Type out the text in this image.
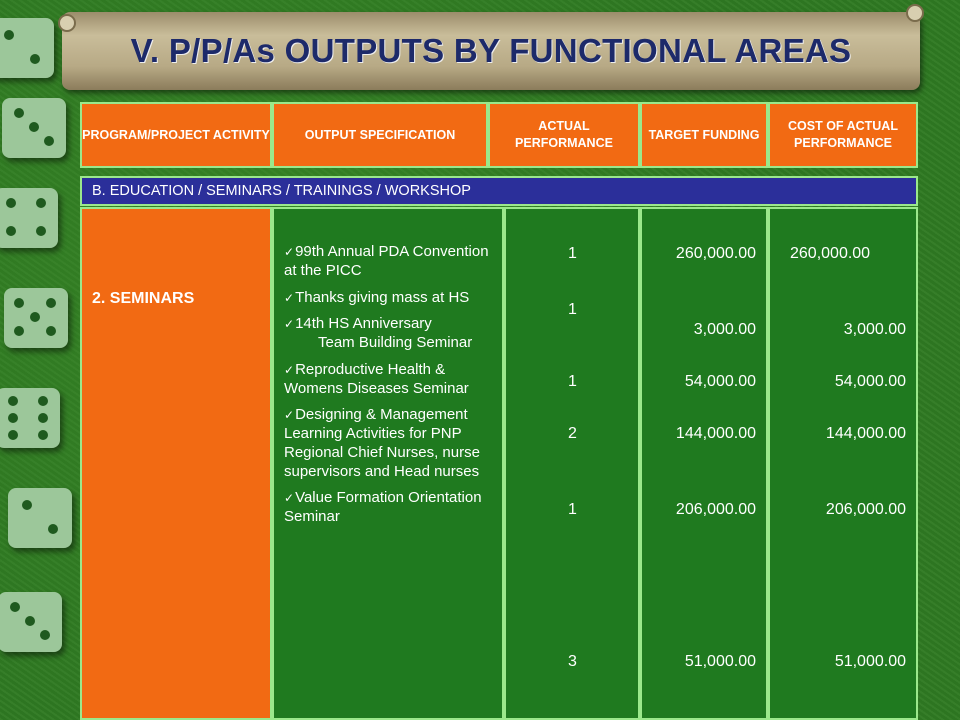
V. P/P/As OUTPUTS BY FUNCTIONAL AREAS
PROGRAM/PROJECT ACTIVITY	OUTPUT SPECIFICATION
ACTUAL PERFORMANCE
TARGET FUNDING
COST OF ACTUAL PERFORMANCE
B. EDUCATION / SEMINARS / TRAININGS / WORKSHOP
2. SEMINARS
✓99th Annual PDA Convention at the PICC
✓Thanks giving mass at HS
✓14th HS Anniversary
Team Building Seminar
✓Reproductive Health & Womens Diseases Seminar
✓Designing & Management Learning Activities for PNP Regional Chief Nurses, nurse supervisors and Head nurses
✓Value Formation Orientation Seminar
1
1
1
2
1
3
260,000.00
3,000.00
54,000.00
144,000.00
206,000.00
51,000.00
260,000.00
3,000.00
54,000.00
144,000.00
206,000.00
51,000.00
